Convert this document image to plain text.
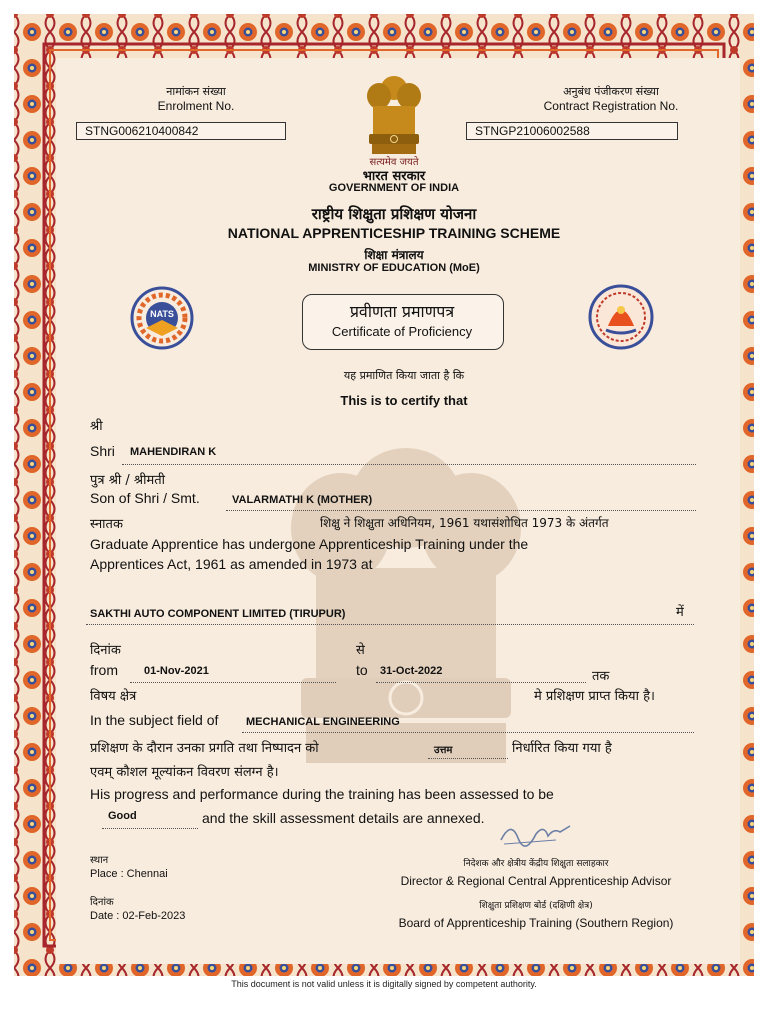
नामांकन संख्या
Enrolment No.
STNG006210400842
अनुबंध पंजीकरण संख्या
Contract Registration No.
STNGP21006002588
सत्यमेव जयते
भारत सरकार
GOVERNMENT OF INDIA
राष्ट्रीय शिक्षुता प्रशिक्षण योजना
NATIONAL APPRENTICESHIP TRAINING SCHEME
शिक्षा मंत्रालय
MINISTRY OF EDUCATION (MoE)
NATS	प्रवीणता प्रमाणपत्र
Certificate of Proficiency
यह प्रमाणित किया जाता है कि
This is to certify that
श्री
Shri MAHENDIRAN K
पुत्र श्री / श्रीमती
Son of Shri / Smt.	VALARMATHI K (MOTHER)
स्नातक	शिक्षु ने शिक्षुता अधिनियम, 1961 यथासंशोधित 1973 के अंतर्गत
Graduate Apprentice has undergone Apprenticeship Training under the
Apprentices Act, 1961 as amended in 1973 at
SAKTHI AUTO COMPONENT LIMITED (TIRUPUR)	में
दिनांक	से
from 01-Nov-2021	to 31-Oct-2022	तक
विषय क्षेत्र	मे प्रशिक्षण प्राप्त किया है।
In the subject field of	MECHANICAL ENGINEERING
प्रशिक्षण के दौरान उनका प्रगति तथा निष्पादन को	उत्तम	निर्धारित किया गया है
एवम् कौशल मूल्यांकन विवरण संलग्न है।
His progress and performance during the training has been assessed to be
Good	and the skill assessment details are annexed.
स्थान
Place : Chennai
दिनांक
Date : 02-Feb-2023
निदेशक और क्षेत्रीय केंद्रीय शिक्षुता सलाहकार
Director & Regional Central Apprenticeship Advisor
शिक्षुता प्रशिक्षण बोर्ड (दक्षिणी क्षेत्र)
Board of Apprenticeship Training (Southern Region)
This document is not valid unless it is digitally signed by competent authority.
